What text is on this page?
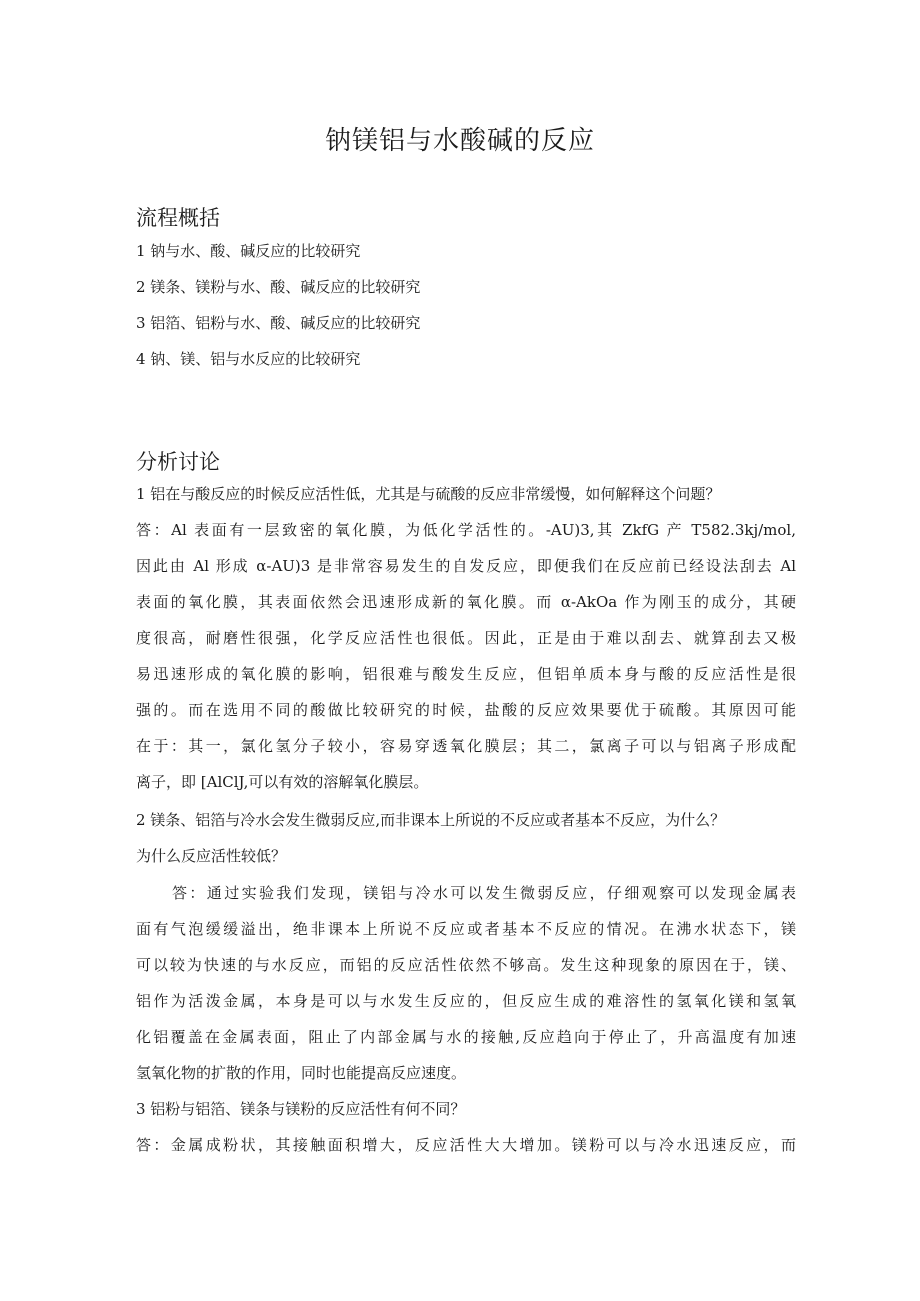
钠镁铝与水酸碱的反应
流程概括
1 钠与水、酸、碱反应的比较研究
2 镁条、镁粉与水、酸、碱反应的比较研究
3 铝箔、铝粉与水、酸、碱反应的比较研究
4 钠、镁、铝与水反应的比较研究
分析讨论
1 铝在与酸反应的时候反应活性低，尤其是与硫酸的反应非常缓慢，如何解释这个问题？
答：Al 表面有一层致密的氧化膜，为低化学活性的。-AU)3,其 ZkfG 产 T582.3kj/mol,
因此由 Al 形成 α-AU)3 是非常容易发生的自发反应，即便我们在反应前已经设法刮去 Al
表面的氧化膜，其表面依然会迅速形成新的氧化膜。而 α-AkOa 作为刚玉的成分，其硬
度很高，耐磨性很强，化学反应活性也很低。因此，正是由于难以刮去、就算刮去又极
易迅速形成的氧化膜的影响，铝很难与酸发生反应，但铝单质本身与酸的反应活性是很
强的。而在选用不同的酸做比较研究的时候，盐酸的反应效果要优于硫酸。其原因可能
在于：其一，氯化氢分子较小，容易穿透氧化膜层；其二，氯离子可以与铝离子形成配
离子，即 [AlClJ,可以有效的溶解氧化膜层。
2 镁条、铝箔与冷水会发生微弱反应,而非课本上所说的不反应或者基本不反应，为什么？
为什么反应活性较低？
答：通过实验我们发现，镁铝与冷水可以发生微弱反应，仔细观察可以发现金属表
面有气泡缓缓溢出，绝非课本上所说不反应或者基本不反应的情况。在沸水状态下，镁
可以较为快速的与水反应，而铝的反应活性依然不够高。发生这种现象的原因在于，镁、
铝作为活泼金属，本身是可以与水发生反应的，但反应生成的难溶性的氢氧化镁和氢氧
化铝覆盖在金属表面，阻止了内部金属与水的接触,反应趋向于停止了，升高温度有加速
氢氧化物的扩散的作用，同时也能提高反应速度。
3 铝粉与铝箔、镁条与镁粉的反应活性有何不同？
答：金属成粉状，其接触面积增大，反应活性大大增加。镁粉可以与冷水迅速反应，而
